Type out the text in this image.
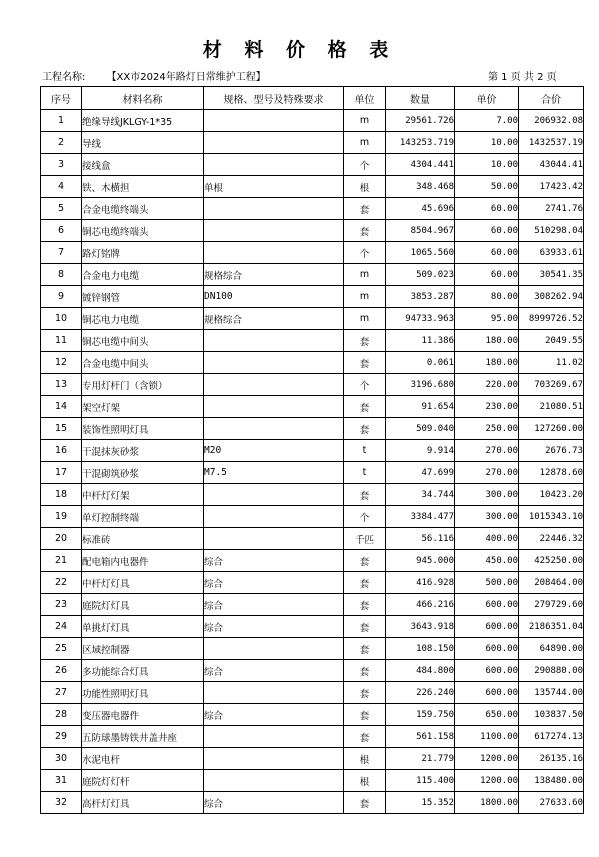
材 料 价 格 表
工程名称: 【XX市2024年路灯日常维护工程】	第 1 页 共 2 页
序号	材料名称	规格、型号及特殊要求	单位	数量	单价	合价
1	绝缘导线JKLGY-1*35		m	29561.726	7.00	206932.08
2	导线		m	143253.719	10.00	1432537.19
3	接线盒		个	4304.441	10.00	43044.41
4	铁、木横担	单根	根	348.468	50.00	17423.42
5	合金电缆终端头		套	45.696	60.00	2741.76
6	铜芯电缆终端头		套	8504.967	60.00	510298.04
7	路灯铭牌		个	1065.560	60.00	63933.61
8	合金电力电缆	规格综合	m	509.023	60.00	30541.35
9	镀锌钢管	DN100	m	3853.287	80.00	308262.94
10	铜芯电力电缆	规格综合	m	94733.963	95.00	8999726.52
11	铜芯电缆中间头		套	11.386	180.00	2049.55
12	合金电缆中间头		套	0.061	180.00	11.02
13	专用灯杆门（含锁）		个	3196.680	220.00	703269.67
14	架空灯架		套	91.654	230.00	21080.51
15	装饰性照明灯具		套	509.040	250.00	127260.00
16	干混抹灰砂浆	M20	t	9.914	270.00	2676.73
17	干混砌筑砂浆	M7.5	t	47.699	270.00	12878.60
18	中杆灯灯架		套	34.744	300.00	10423.20
19	单灯控制终端		个	3384.477	300.00	1015343.10
20	标准砖		千匹	56.116	400.00	22446.32
21	配电箱内电器件	综合	套	945.000	450.00	425250.00
22	中杆灯灯具	综合	套	416.928	500.00	208464.00
23	庭院灯灯具	综合	套	466.216	600.00	279729.60
24	单挑灯灯具	综合	套	3643.918	600.00	2186351.04
25	区域控制器		套	108.150	600.00	64890.00
26	多功能综合灯具	综合	套	484.800	600.00	290880.00
27	功能性照明灯具		套	226.240	600.00	135744.00
28	变压器电器件	综合	套	159.750	650.00	103837.50
29	五防球墨铸铁井盖井座		套	561.158	1100.00	617274.13
30	水泥电杆		根	21.779	1200.00	26135.16
31	庭院灯灯杆		根	115.400	1200.00	138480.00
32	高杆灯灯具	综合	套	15.352	1800.00	27633.60
